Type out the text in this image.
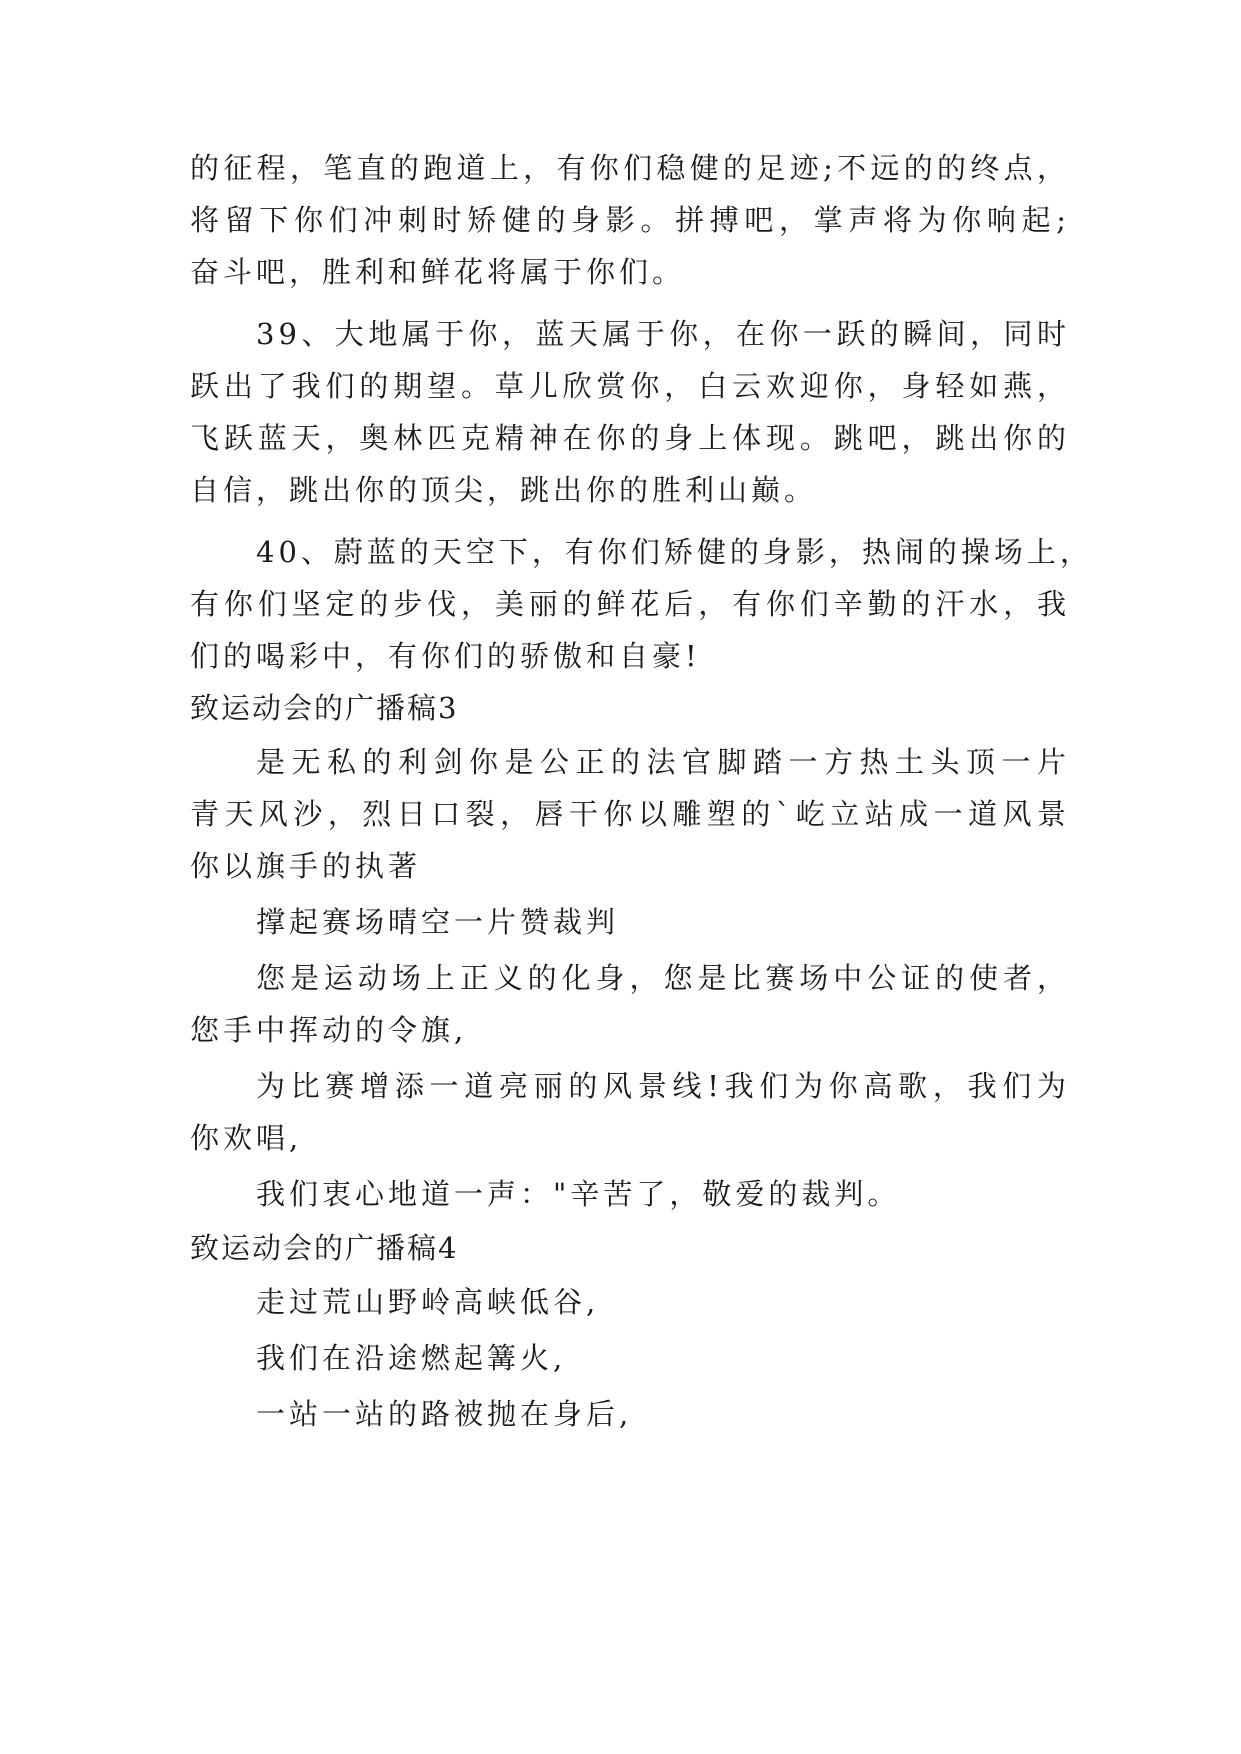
的征程，笔直的跑道上，有你们稳健的足迹;不远的的终点，
将留下你们冲刺时矫健的身影。拼搏吧，掌声将为你响起;
奋斗吧，胜利和鲜花将属于你们。
39、大地属于你，蓝天属于你，在你一跃的瞬间，同时
跃出了我们的期望。草儿欣赏你，白云欢迎你，身轻如燕，
飞跃蓝天，奥林匹克精神在你的身上体现。跳吧，跳出你的
自信，跳出你的顶尖，跳出你的胜利山巅。
40、蔚蓝的天空下，有你们矫健的身影，热闹的操场上，
有你们坚定的步伐，美丽的鲜花后，有你们辛勤的汗水，我
们的喝彩中，有你们的骄傲和自豪!
致运动会的广播稿3
是无私的利剑你是公正的法官脚踏一方热土头顶一片
青天风沙，烈日口裂，唇干你以雕塑的`屹立站成一道风景
你以旗手的执著
撑起赛场晴空一片赞裁判
您是运动场上正义的化身，您是比赛场中公证的使者，
您手中挥动的令旗,
为比赛增添一道亮丽的风景线!我们为你高歌，我们为
你欢唱,
我们衷心地道一声："辛苦了，敬爱的裁判。
致运动会的广播稿4
走过荒山野岭高峡低谷,
我们在沿途燃起篝火,
一站一站的路被抛在身后,
